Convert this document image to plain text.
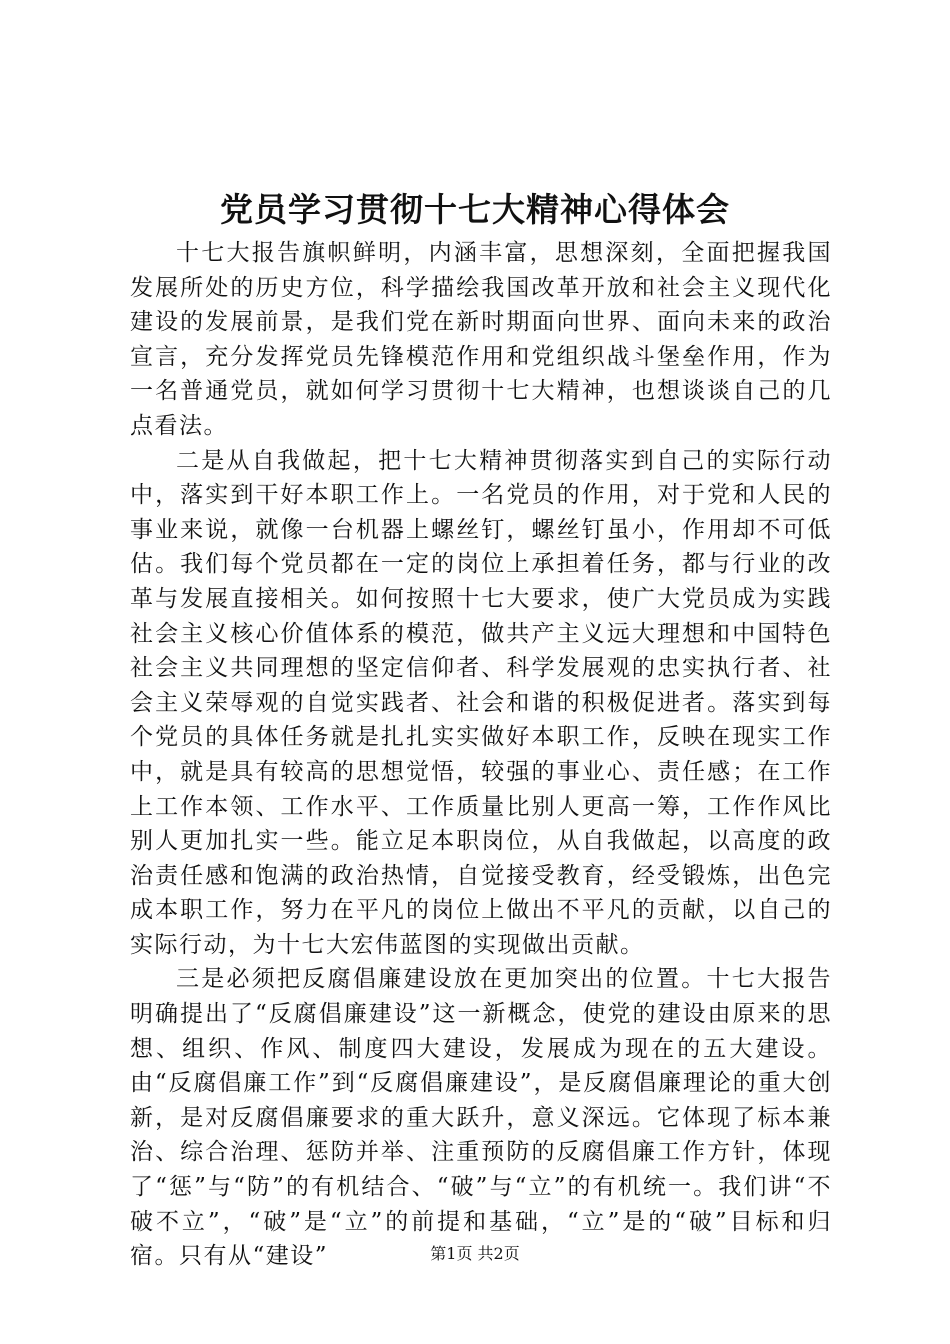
党员学习贯彻十七大精神心得体会

十七大报告旗帜鲜明，内涵丰富，思想深刻，全面把握我国发展所处的历史方位，科学描绘我国改革开放和社会主义现代化建设的发展前景，是我们党在新时期面向世界、面向未来的政治宣言，充分发挥党员先锋模范作用和党组织战斗堡垒作用，作为一名普通党员，就如何学习贯彻十七大精神，也想谈谈自己的几点看法。

二是从自我做起，把十七大精神贯彻落实到自己的实际行动中，落实到干好本职工作上。一名党员的作用，对于党和人民的事业来说，就像一台机器上螺丝钉，螺丝钉虽小，作用却不可低估。我们每个党员都在一定的岗位上承担着任务，都与行业的改革与发展直接相关。如何按照十七大要求，使广大党员成为实践社会主义核心价值体系的模范，做共产主义远大理想和中国特色社会主义共同理想的坚定信仰者、科学发展观的忠实执行者、社会主义荣辱观的自觉实践者、社会和谐的积极促进者。落实到每个党员的具体任务就是扎扎实实做好本职工作，反映在现实工作中，就是具有较高的思想觉悟，较强的事业心、责任感；在工作上工作本领、工作水平、工作质量比别人更高一筹，工作作风比别人更加扎实一些。能立足本职岗位，从自我做起，以高度的政治责任感和饱满的政治热情，自觉接受教育，经受锻炼，出色完成本职工作，努力在平凡的岗位上做出不平凡的贡献，以自己的实际行动，为十七大宏伟蓝图的实现做出贡献。

三是必须把反腐倡廉建设放在更加突出的位置。十七大报告明确提出了“反腐倡廉建设”这一新概念，使党的建设由原来的思想、组织、作风、制度四大建设，发展成为现在的五大建设。由“反腐倡廉工作”到“反腐倡廉建设”，是反腐倡廉理论的重大创新，是对反腐倡廉要求的重大跃升，意义深远。它体现了标本兼治、综合治理、惩防并举、注重预防的反腐倡廉工作方针，体现了“惩”与“防”的有机结合、“破”与“立”的有机统一。我们讲“不破不立”，“破”是“立”的前提和基础，“立”是的“破”目标和归宿。只有从“建设”	第1页 共2页
